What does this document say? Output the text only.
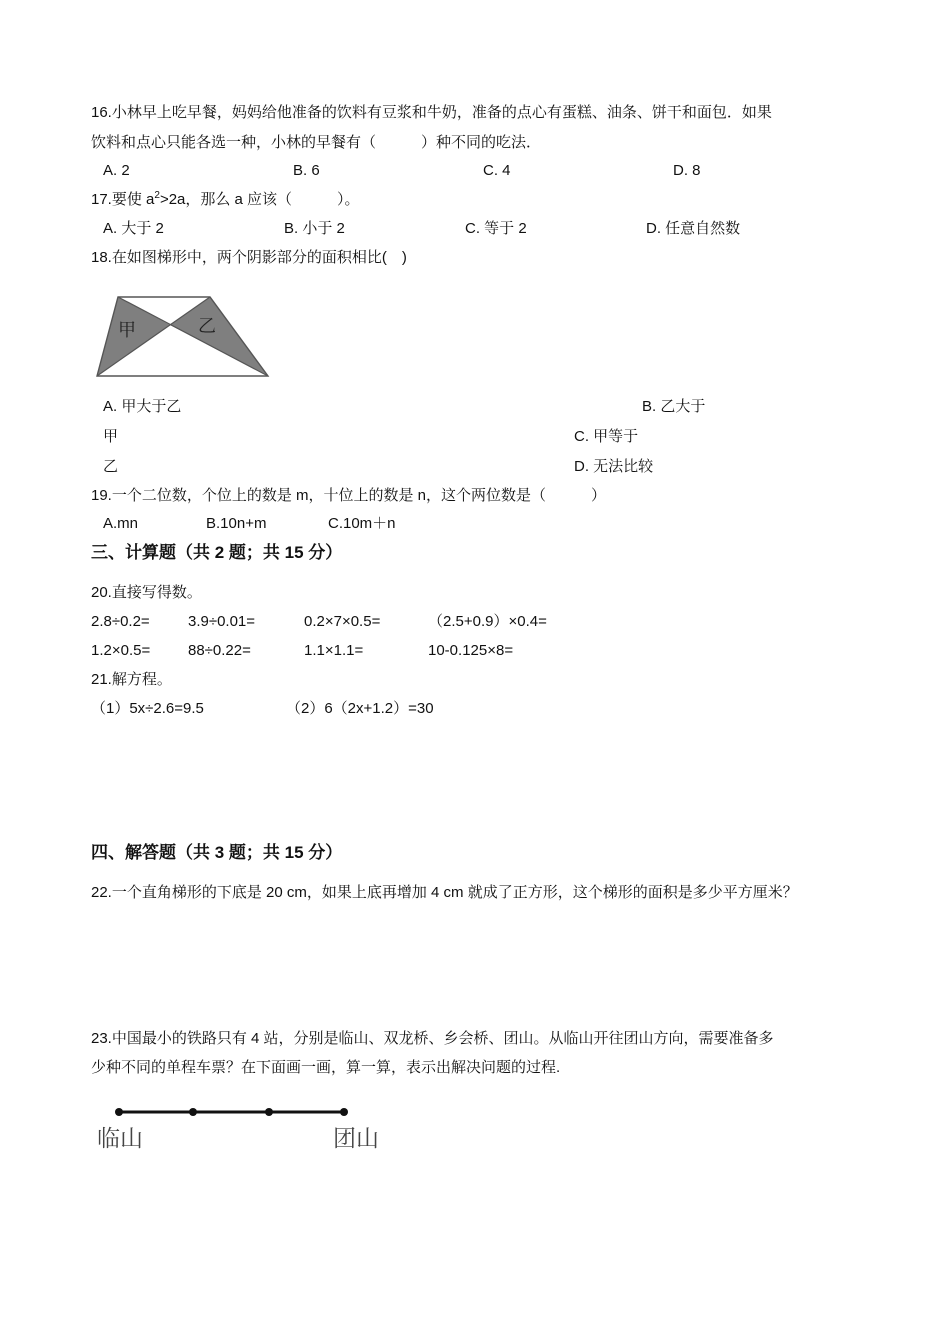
16.小林早上吃早餐，妈妈给他准备的饮料有豆浆和牛奶，准备的点心有蛋糕、油条、饼干和面包．如果
饮料和点心只能各选一种，小林的早餐有（　　　）种不同的吃法．
A. 2	B. 6	C. 4	D. 8
17.要使 $a^2>2a$，那么 a 应该（　　　）。
A. 大于 2	B. 小于 2	C. 等于 2	D. 任意自然数
18.在如图梯形中，两个阴影部分的面积相比(　)
甲	乙
A. 甲大于乙	B. 乙大于
甲	C. 甲等于
乙	D. 无法比较
19.一个二位数，个位上的数是 m，十位上的数是 n，这个两位数是（　　　）
A.mn	B.10n+m	C.10m＋n
三、计算题（共 2 题；共 15 分）
20.直接写得数。
2.8÷0.2=	3.9÷0.01=	0.2×7×0.5=	（2.5+0.9）×0.4=
1.2×0.5=	88÷0.22=	1.1×1.1=	10-0.125×8=
21.解方程。
（1）5x÷2.6=9.5	（2）6（2x+1.2）=30
四、解答题（共 3 题；共 15 分）
22.一个直角梯形的下底是 20 cm，如果上底再增加 4 cm 就成了正方形，这个梯形的面积是多少平方厘米？
23.中国最小的铁路只有 4 站，分别是临山、双龙桥、乡会桥、团山。从临山开往团山方向，需要准备多
少种不同的单程车票？在下面画一画，算一算，表示出解决问题的过程.
临山	团山
